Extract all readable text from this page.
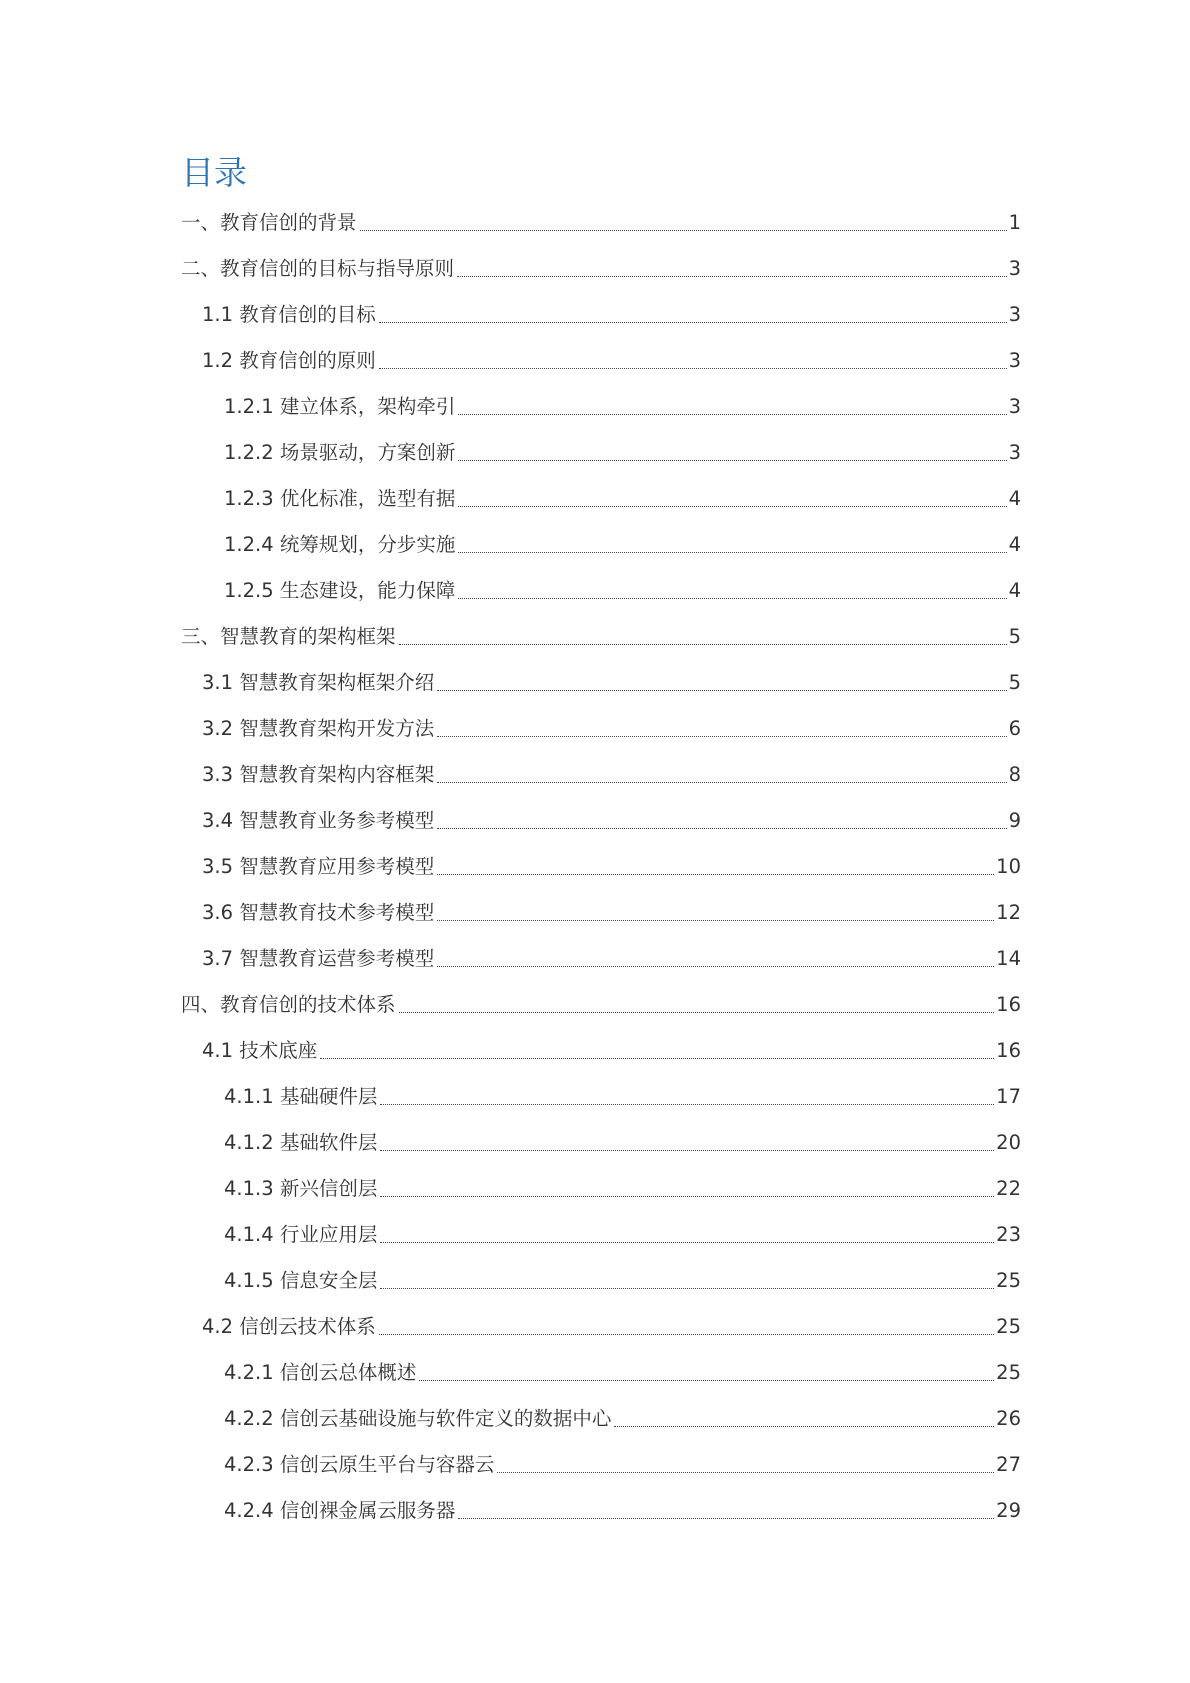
目录
一、教育信创的背景	1
二、教育信创的目标与指导原则	3
1.1 教育信创的目标	3
1.2 教育信创的原则	3
1.2.1 建立体系，架构牵引	3
1.2.2 场景驱动，方案创新	3
1.2.3 优化标准，选型有据	4
1.2.4 统筹规划，分步实施	4
1.2.5 生态建设，能力保障	4
三、智慧教育的架构框架	5
3.1 智慧教育架构框架介绍	5
3.2 智慧教育架构开发方法	6
3.3 智慧教育架构内容框架	8
3.4 智慧教育业务参考模型	9
3.5 智慧教育应用参考模型	10
3.6 智慧教育技术参考模型	12
3.7 智慧教育运营参考模型	14
四、教育信创的技术体系	16
4.1 技术底座	16
4.1.1 基础硬件层	17
4.1.2 基础软件层	20
4.1.3 新兴信创层	22
4.1.4 行业应用层	23
4.1.5 信息安全层	25
4.2 信创云技术体系	25
4.2.1 信创云总体概述	25
4.2.2 信创云基础设施与软件定义的数据中心	26
4.2.3 信创云原生平台与容器云	27
4.2.4 信创裸金属云服务器	29
